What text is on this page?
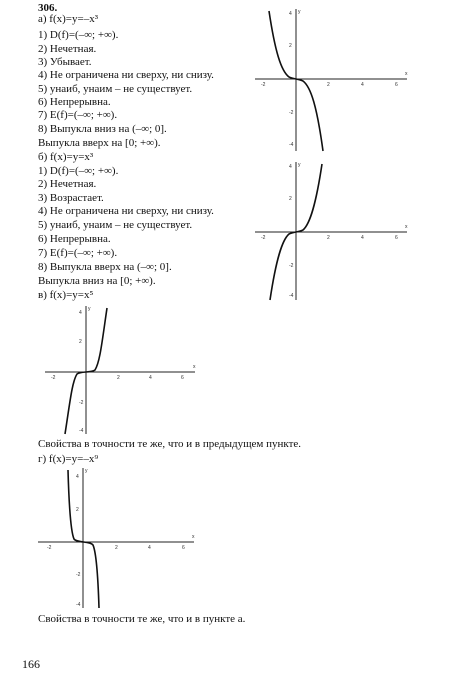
306.
а) f(x)=y=–x³
1) D(f)=(–∞; +∞).
2) Нечетная.
3) Убывает.
4) Не ограничена ни сверху, ни снизу.
5) yнаиб, yнаим – не существует.
6) Непрерывна.
7) E(f)=(–∞; +∞).
8) Выпукла вниз на (–∞; 0].
Выпукла вверх на [0; +∞).
б) f(x)=y=x³
1) D(f)=(–∞; +∞).
2) Нечетная.
3) Возрастает.
4) Не ограничена ни сверху, ни снизу.
5) yнаиб, yнаим – не существует.
6) Непрерывна.
7) E(f)=(–∞; +∞).
8) Выпукла вверх на (–∞; 0].
Выпукла вниз на [0; +∞).
в) f(x)=y=x⁵
Свойства в точности те же, что и в предыдущем пункте.
г) f(x)=y=–x⁹
Свойства в точности те же, что и в пункте а.
166
x
y
-2	2	4	6
4
2
-2
-4
x
y
-2	2	4	6
4
2
-2
-4
x
y
-2	2	4	6
4
2
-2
-4
x
y
-2	2	4	6
4
2
-2
-4
